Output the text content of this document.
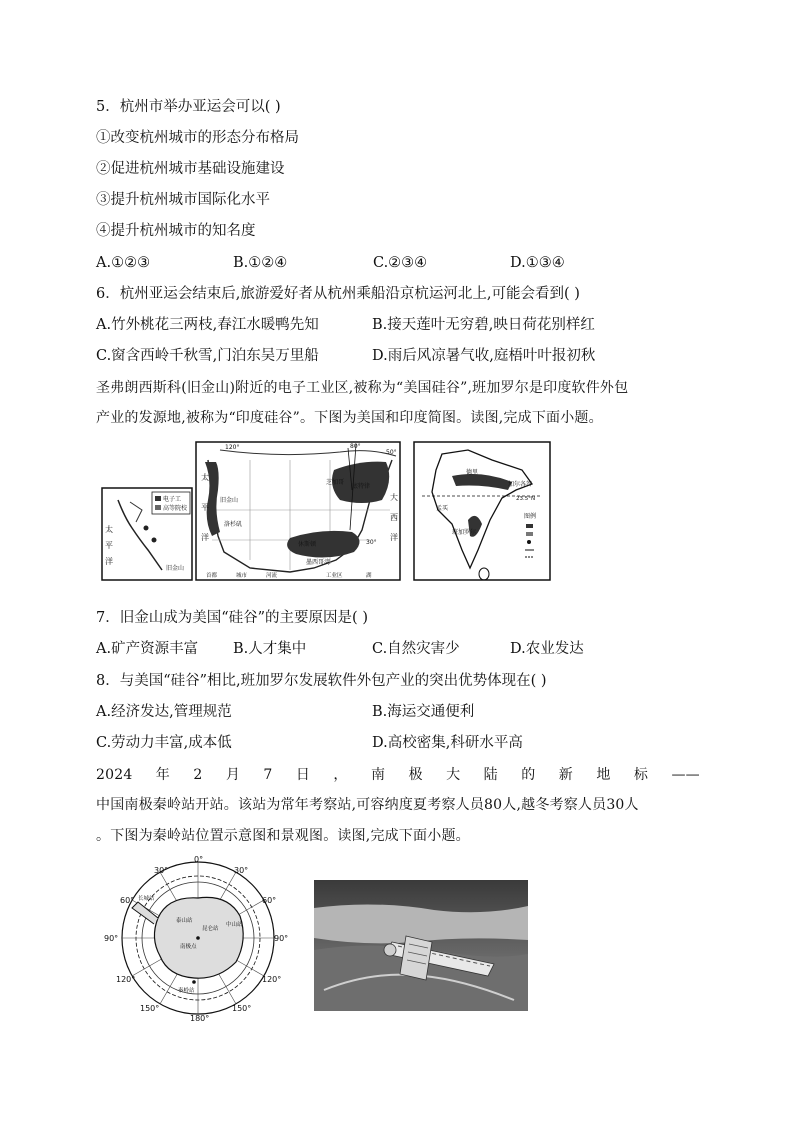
5．杭州市举办亚运会可以( )
①改变杭州城市的形态分布格局
②促进杭州城市基础设施建设
③提升杭州城市国际化水平
④提升杭州城市的知名度
A.①②③	B.①②④	C.②③④	D.①③④
6．杭州亚运会结束后,旅游爱好者从杭州乘船沿京杭运河北上,可能会看到( )
A.竹外桃花三两枝,春江水暖鸭先知	B.接天莲叶无穷碧,映日荷花别样红
C.窗含西岭千秋雪,门泊东吴万里船	D.雨后风凉暑气收,庭梧叶叶报初秋
圣弗朗西斯科(旧金山)附近的电子工业区,被称为“美国硅谷”,班加罗尔是印度软件外包
产业的发源地,被称为“印度硅谷”。下图为美国和印度简图。读图,完成下面小题。
电子工
高等院校
太
平
洋
旧金山
120°	80°
50°
30°
太
平
洋
大
西
洋
墨西哥湾
旧金山
洛杉矶
休斯顿
芝加哥
底特律
首都	城市	河流	工业区	湖
23.5°N
德里
加尔各答
孟买
班加罗尔
图例
7．旧金山成为美国“硅谷”的主要原因是( )
A.矿产资源丰富 B.人才集中	C.自然灾害少	D.农业发达
8．与美国“硅谷”相比,班加罗尔发展软件外包产业的突出优势体现在( )
A.经济发达,管理规范	B.海运交通便利
C.劳动力丰富,成本低	D.高校密集,科研水平高
2024 年 2 月 7 日 ， 南 极 大 陆 的 新 地 标 ——
中国南极秦岭站开站。该站为常年考察站,可容纳度夏考察人员80人,越冬考察人员30人
。下图为秦岭站位置示意图和景观图。读图,完成下面小题。
0°
30°	30°
60°	60°
90°	90°
120°	120°
150°	150°
180°
长城站
中山站
昆仑站
泰山站
秦岭站
南极点
